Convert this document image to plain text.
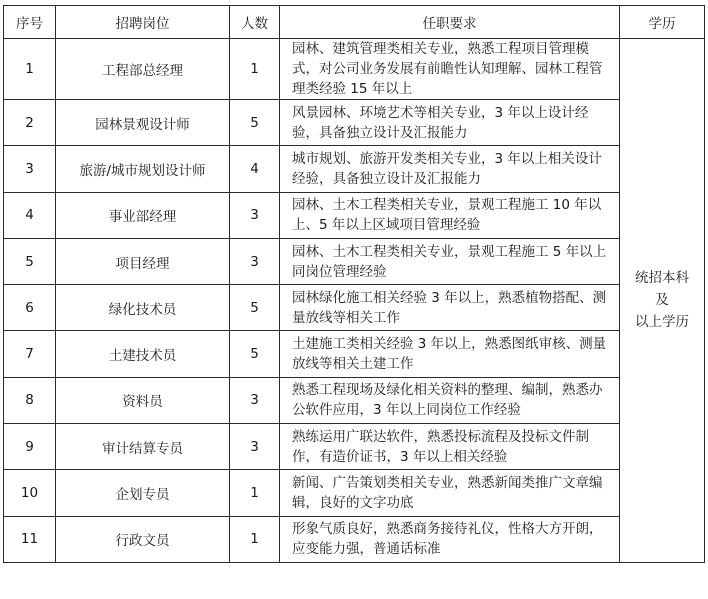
序号	招聘岗位	人数	任职要求	学历
1	工程部总经理	1	园林、建筑管理类相关专业，熟悉工程项目管理模式，对公司业务发展有前瞻性认知理解、园林工程管理类经验 15 年以上	统招本科
及
以上学历

2	园林景观设计师	5	风景园林、环境艺术等相关专业，3 年以上设计经验，具备独立设计及汇报能力	
3	旅游/城市规划设计师	4	城市规划、旅游开发类相关专业，3 年以上相关设计经验，具备独立设计及汇报能力	
4	事业部经理	3	园林、土木工程类相关专业，景观工程施工 10 年以上、5 年以上区域项目管理经验	
5	项目经理	3	园林、土木工程类相关专业，景观工程施工 5 年以上同岗位管理经验	
6	绿化技术员	5	园林绿化施工相关经验 3 年以上，熟悉植物搭配、测量放线等相关工作	
7	土建技术员	5	土建施工类相关经验 3 年以上，熟悉图纸审核、测量放线等相关土建工作	
8	资料员	3	熟悉工程现场及绿化相关资料的整理、编制，熟悉办公软件应用，3 年以上同岗位工作经验	
9	审计结算专员	3	熟练运用广联达软件，熟悉投标流程及投标文件制作，有造价证书，3 年以上相关经验	
10	企划专员	1	新闻、广告策划类相关专业，熟悉新闻类推广文章编辑，良好的文字功底	
11	行政文员	1	形象气质良好，熟悉商务接待礼仪，性格大方开朗，应变能力强，普通话标准	
